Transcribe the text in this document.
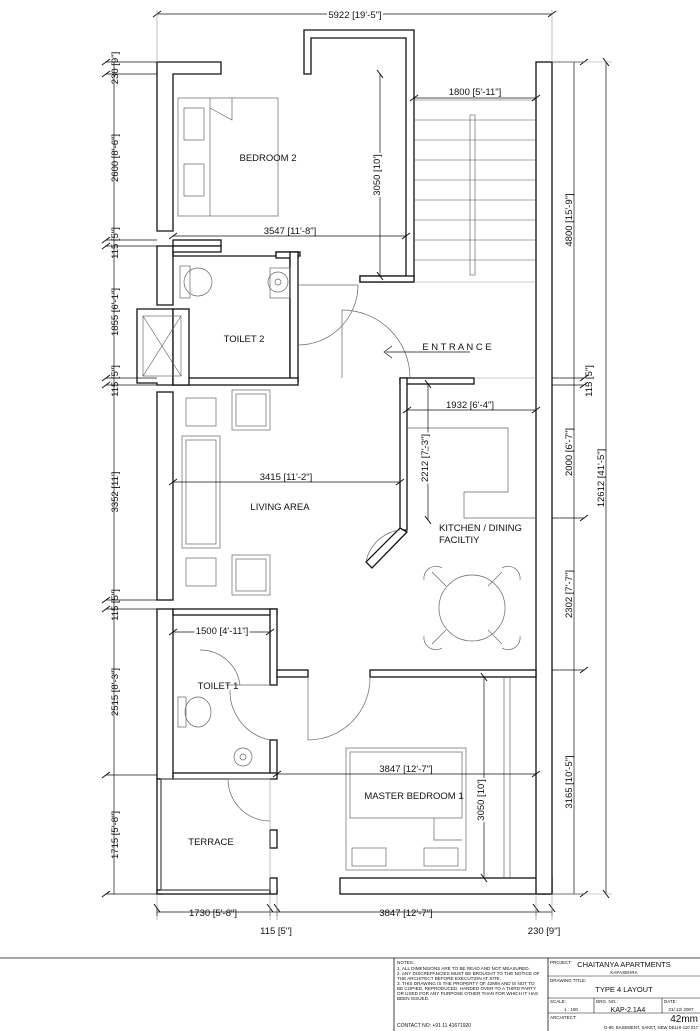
5922 [19'-5"]
230 [9"]
2600 [8'-6"]
115 [5"]
1855 [6'-1"]
115 [5"]
3352 [11']
115 [5"]
2515 [8'-3"]
1715 [5'-8"]
4800 [15'-9"]
115 [5"]
2000 [6'-7"]
2302 [7'-7"]
3165 [10'-5"]
12612 [41'-5"]
1730 [5'-8"]
115 [5"]
3847 [12'-7"]
230 [9"]
1800 [5'-11"]
3050 [10']
3547 [11'-8"]
1932 [6'-4"]
2212 [7'-3"]
3415 [11'-2"]
1500 [4'-11"]
3847 [12'-7"]
3050 [10']
BEDROOM 2
TOILET 2
E N T R A N C E
LIVING AREA
KITCHEN / DINING
FACILTIY
TOILET 1
MASTER BEDROOM 1
TERRACE
NOTES:
1. ALL DIMENSIONS ARE TO BE READ AND NOT MEASURED.
2. ANY DISCREPANCIES MUST BE BROUGHT TO THE NOTICE OF
THE ARCHITECT BEFORE EXECUTION AT SITE.
3. THIS DRAWING IS THE PROPERTY OF 42MM AND IS NOT TO
BE COPIED, REPRODUCED, HANDED OVER TO A THIRD PARTY
OR USED FOR ANY PURPOSE OTHER THAN FOR WHICH IT HAS
BEEN ISSUED.
CONTACT NO: +91 11 41671920
PROJECT: CHAITANYA APARTMENTS
KAPASEHRA
DRAWING TITLE:
TYPE 4 LAYOUT
SCALE:
1 : 100
DRG. NO.:
KAP-2.1A4
DATE:
21/ 12/ 2007
ARCHITECT:	42mm
D-80, BASEMENT, SAKET, NEW DELHI-110 017
